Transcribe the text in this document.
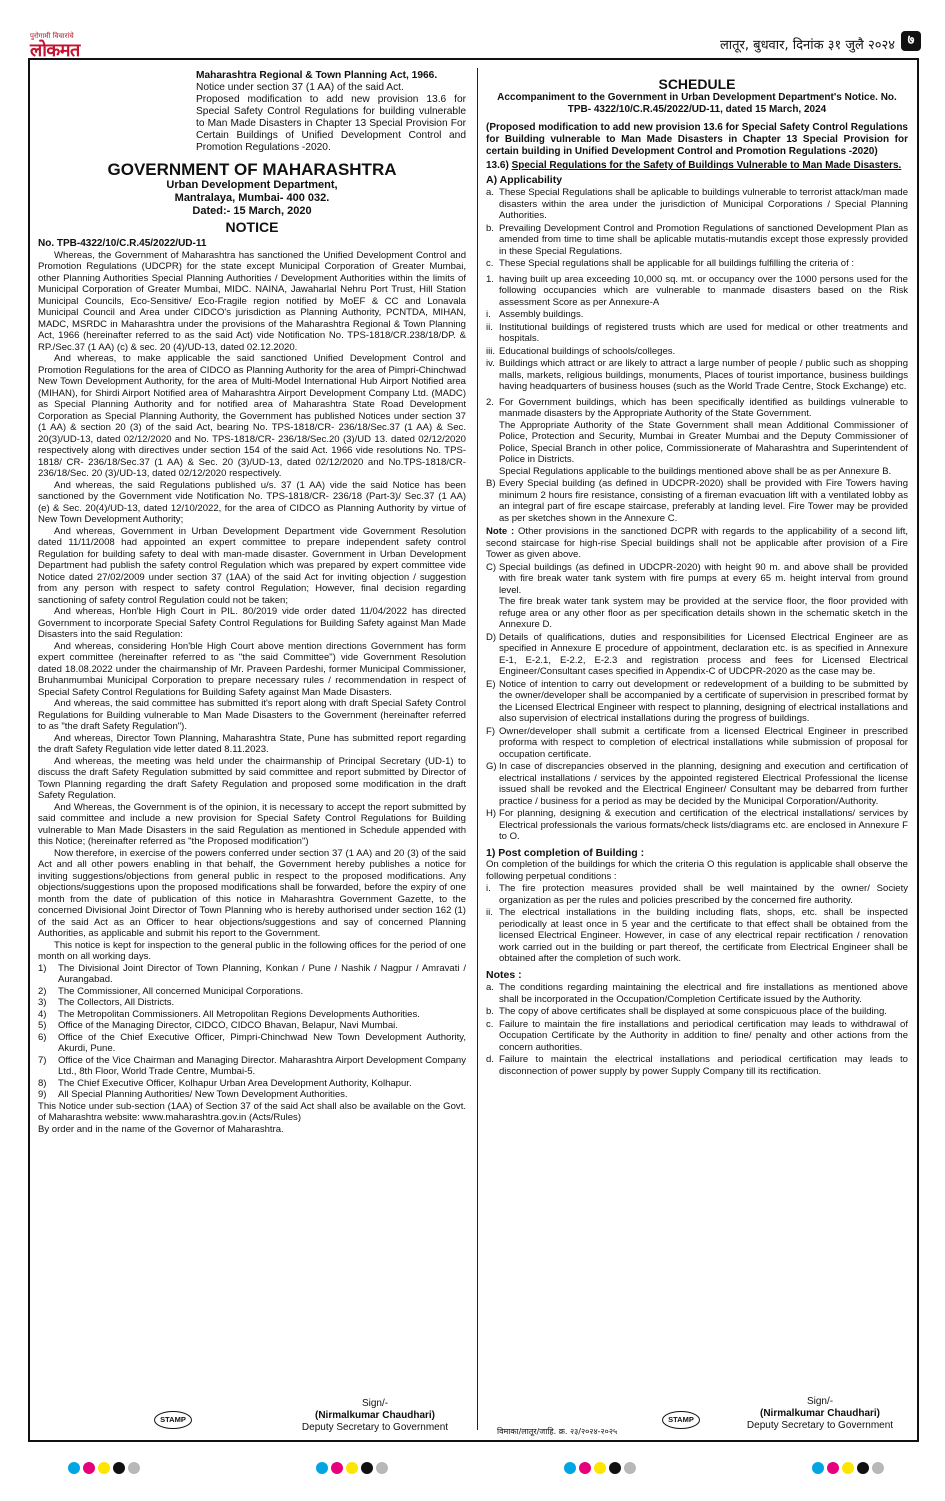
पुरोगामी विचारांचे
लोकमत	लातूर, बुधवार, दिनांक ३१ जुलै २०२४ ७

Maharashtra Regional & Town Planning Act, 1966.

Notice under section 37 (1 AA) of the said Act.

Proposed modification to add new provision 13.6 for Special Safety Control Regulations for building vulnerable to Man Made Disasters in Chapter 13 Special Provision For Certain Buildings of Unified Development Control and Promotion Regulations -2020.

GOVERNMENT OF MAHARASHTRA
Urban Development Department,
Mantralaya, Mumbai- 400 032.
Dated:- 15 March, 2020
NOTICE
No. TPB-4322/10/C.R.45/2022/UD-11

Whereas, the Government of Maharashtra has sanctioned the Unified Development Control and Promotion Regulations (UDCPR) for the state except Municipal Corporation of Greater Mumbai, other Planning Authorities Special Planning Authorities / Development Authorities within the limits of Municipal Corporation of Greater Mumbai, MIDC. NAINA, Jawaharlal Nehru Port Trust, Hill Station Municipal Councils, Eco-Sensitive/ Eco-Fragile region notified by MoEF & CC and Lonavala Municipal Council and Area under CIDCO's jurisdiction as Planning Authority, PCNTDA, MIHAN, MADC, MSRDC in Maharashtra under the provisions of the Maharashtra Regional & Town Planning Act, 1966 (hereinafter referred to as the said Act) vide Notification No. TPS-1818/CR.238/18/DP. & RP./Sec.37 (1 AA) (c) & sec. 20 (4)/UD-13, dated 02.12.2020.

And whereas, to make applicable the said sanctioned Unified Development Control and Promotion Regulations for the area of CIDCO as Planning Authority for the area of Pimpri-Chinchwad New Town Development Authority, for the area of Multi-Model International Hub Airport Notified area (MIHAN), for Shirdi Airport Notified area of Maharashtra Airport Development Company Ltd. (MADC) as Special Planning Authority and for notified area of Maharashtra State Road Development Corporation as Special Planning Authority, the Government has published Notices under section 37 (1 AA) & section 20 (3) of the said Act, bearing No. TPS-1818/CR- 236/18/Sec.37 (1 AA) & Sec. 20(3)/UD-13, dated 02/12/2020 and No. TPS-1818/CR- 236/18/Sec.20 (3)/UD 13. dated 02/12/2020 respectively along with directives under section 154 of the said Act. 1966 vide resolutions No. TPS-1818/ CR- 236/18/Sec.37 (1 AA) & Sec. 20 (3)/UD-13, dated 02/12/2020 and No.TPS-1818/CR- 236/18/Sec. 20 (3)/UD-13, dated 02/12/2020 respectively.

And whereas, the said Regulations published u/s. 37 (1 AA) vide the said Notice has been sanctioned by the Government vide Notification No. TPS-1818/CR- 236/18 (Part-3)/ Sec.37 (1 AA) (e) & Sec. 20(4)/UD-13, dated 12/10/2022, for the area of CIDCO as Planning Authority by virtue of New Town Development Authority;

And whereas, Government in Urban Development Department vide Government Resolution dated 11/11/2008 had appointed an expert committee to prepare independent safety control Regulation for building safety to deal with man-made disaster. Government in Urban Development Department had publish the safety control Regulation which was prepared by expert committee vide Notice dated 27/02/2009 under section 37 (1AA) of the said Act for inviting objection / suggestion from any person with respect to safety control Regulation; However, final decision regarding sanctioning of safety control Regulation could not be taken;

And whereas, Hon'ble High Court in PIL. 80/2019 vide order dated 11/04/2022 has directed Government to incorporate Special Safety Control Regulations for Building Safety against Man Made Disasters into the said Regulation:

And whereas, considering Hon'ble High Court above mention directions Government has form expert committee (hereinafter referred to as "the said Committee") vide Government Resolution dated 18.08.2022 under the chairmanship of Mr. Praveen Pardeshi, former Municipal Commissioner, Bruhanmumbai Municipal Corporation to prepare necessary rules / recommendation in respect of Special Safety Control Regulations for Building Safety against Man Made Disasters.

And whereas, the said committee has submitted it's report along with draft Special Safety Control Regulations for Building vulnerable to Man Made Disasters to the Government (hereinafter referred to as "the draft Safety Regulation").

And whereas, Director Town Planning, Maharashtra State, Pune has submitted report regarding the draft Safety Regulation vide letter dated 8.11.2023.

And whereas, the meeting was held under the chairmanship of Principal Secretary (UD-1) to discuss the draft Safety Regulation submitted by said committee and report submitted by Director of Town Planning regarding the draft Safety Regulation and proposed some modification in the draft Safety Regulation.

And Whereas, the Government is of the opinion, it is necessary to accept the report submitted by said committee and include a new provision for Special Safety Control Regulations for Building vulnerable to Man Made Disasters in the said Regulation as mentioned in Schedule appended with this Notice; (hereinafter referred as "the Proposed modification")

Now therefore, in exercise of the powers conferred under section 37 (1 AA) and 20 (3) of the said Act and all other powers enabling in that behalf, the Government hereby publishes a notice for inviting suggestions/objections from general public in respect to the proposed modifications. Any objections/suggestions upon the proposed modifications shall be forwarded, before the expiry of one month from the date of publication of this notice in Maharashtra Government Gazette, to the concerned Divisional Joint Director of Town Planning who is hereby authorised under section 162 (1) of the said Act as an Officer to hear objections/suggestions and say of concerned Planning Authorities, as applicable and submit his report to the Government.

This notice is kept for inspection to the general public in the following offices for the period of one month on all working days.

1)	The Divisional Joint Director of Town Planning, Konkan / Pune / Nashik / Nagpur / Amravati / Aurangabad.
2)	The Commissioner, All concerned Municipal Corporations.
3)	The Collectors, All Districts.
4)	The Metropolitan Commissioners. All Metropolitan Regions Developments Authorities.
5)	Office of the Managing Director, CIDCO, CIDCO Bhavan, Belapur, Navi Mumbai.
6)	Office of the Chief Executive Officer, Pimpri-Chinchwad New Town Development Authority, Akurdi, Pune.
7)	Office of the Vice Chairman and Managing Director. Maharashtra Airport Development Company Ltd., 8th Floor, World Trade Centre, Mumbai-5.
8)	The Chief Executive Officer, Kolhapur Urban Area Development Authority, Kolhapur.
9)	All Special Planning Authorities/ New Town Development Authorities.

This Notice under sub-section (1AA) of Section 37 of the said Act shall also be available on the Govt. of Maharashtra website: www.maharashtra.gov.in (Acts/Rules)

By order and in the name of the Governor of Maharashtra.

STAMP
Sign/-
(Nirmalkumar Chaudhari)
Deputy Secretary to Government
SCHEDULE
Accompaniment to the Government in Urban Development Department's Notice. No. TPB- 4322/10/C.R.45/2022/UD-11, dated 15 March, 2024

(Proposed modification to add new provision 13.6 for Special Safety Control Regulations for Building vulnerable to Man Made Disasters in Chapter 13 Special Provision for certain building in Unified Development Control and Promotion Regulations -2020)

13.6) Special Regulations for the Safety of Buildings Vulnerable to Man Made Disasters.

A) Applicability
a. These Special Regulations shall be aplicable to buildings vulnerable to terrorist attack/man made disasters within the area under the jurisdiction of Municipal Corporations / Special Planning Authorities.
b. Prevailing Development Control and Promotion Regulations of sanctioned Development Plan as amended from time to time shall be aplicable mutatis-mutandis except those expressly provided in these Special Regulations.
c. These Special regulations shall be applicable for all buildings fulfilling the criteria of :
1. having built up area exceeding 10,000 sq. mt. or occupancy over the 1000 persons used for the following occupancies which are vulnerable to manmade disasters based on the Risk assessment Score as per Annexure-A
i. Assembly buildings.
ii. Institutional buildings of registered trusts which are used for medical or other treatments and hospitals.
iii. Educational buildings of schools/colleges.
iv. Buildings which attract or are likely to attract a large number of people / public such as shopping malls, markets, religious buildings, monuments, Places of tourist importance, business buildings having headquarters of business houses (such as the World Trade Centre, Stock Exchange) etc.
2. For Government buildings, which has been specifically identified as buildings vulnerable to manmade disasters by the Appropriate Authority of the State Government.

The Appropriate Authority of the State Government shall mean Additional Commissioner of Police, Protection and Security, Mumbai in Greater Mumbai and the Deputy Commissioner of Police, Special Branch in other police, Commissionerate of Maharashtra and Superintendent of Police in Districts.

Special Regulations applicable to the buildings mentioned above shall be as per Annexure B.

B) Every Special building (as defined in UDCPR-2020) shall be provided with Fire Towers having minimum 2 hours fire resistance, consisting of a fireman evacuation lift with a ventilated lobby as an integral part of fire escape staircase, preferably at landing level. Fire Tower may be provided as per sketches shown in the Annexure C.

Note : Other provisions in the sanctioned DCPR with regards to the applicability of a second lift, second staircase for high-rise Special buildings shall not be applicable after provision of a Fire Tower as given above.

C) Special buildings (as defined in UDCPR-2020) with height 90 m. and above shall be provided with fire break water tank system with fire pumps at every 65 m. height interval from ground level.

The fire break water tank system may be provided at the service floor, the floor provided with refuge area or any other floor as per specification details shown in the schematic sketch in the Annexure D.

D) Details of qualifications, duties and responsibilities for Licensed Electrical Engineer are as specified in Annexure E procedure of appointment, declaration etc. is as specified in Annexure E-1, E-2.1, E-2.2, E-2.3 and registration process and fees for Licensed Electrical Engineer/Consultant cases specified in Appendix-C of UDCPR-2020 as the case may be.
E) Notice of intention to carry out development or redevelopment of a building to be submitted by the owner/developer shall be accompanied by a certificate of supervision in prescribed format by the Licensed Electrical Engineer with respect to planning, designing of electrical installations and also supervision of electrical installations during the progress of buildings.
F) Owner/developer shall submit a certificate from a licensed Electrical Engineer in prescribed proforma with respect to completion of electrical installations while submission of proposal for occupation certificate.
G) In case of discrepancies observed in the planning, designing and execution and certification of electrical installations / services by the appointed registered Electrical Professional the license issued shall be revoked and the Electrical Engineer/ Consultant may be debarred from further practice / business for a period as may be decided by the Municipal Corporation/Authority.
H) For planning, designing & execution and certification of the electrical installations/ services by Electrical professionals the various formats/check lists/diagrams etc. are enclosed in Annexure F to O.
1) Post completion of Building :

On completion of the buildings for which the criteria O this regulation is applicable shall observe the following perpetual conditions :

i. The fire protection measures provided shall be well maintained by the owner/ Society organization as per the rules and policies prescribed by the concerned fire authority.
ii. The electrical installations in the building including flats, shops, etc. shall be inspected periodically at least once in 5 year and the certificate to that effect shall be obtained from the licensed Electrical Engineer. However, in case of any electrical repair rectification / renovation work carried out in the building or part thereof, the certificate from Electrical Engineer shall be obtained after the completion of such work.
Notes :
a. The conditions regarding maintaining the electrical and fire installations as mentioned above shall be incorporated in the Occupation/Completion Certificate issued by the Authority.
b. The copy of above certificates shall be displayed at some conspicuous place of the building.
c. Failure to maintain the fire installations and periodical certification may leads to withdrawal of Occupation Certificate by the Authority in addition to fine/ penalty and other actions from the concern authorities.
d. Failure to maintain the electrical installations and periodical certification may leads to disconnection of power supply by power Supply Company till its rectification.
विमाका/लातूर/जाहि. क्र. २३/२०२४-२०२५
STAMP
Sign/-
(Nirmalkumar Chaudhari)
Deputy Secretary to Government
